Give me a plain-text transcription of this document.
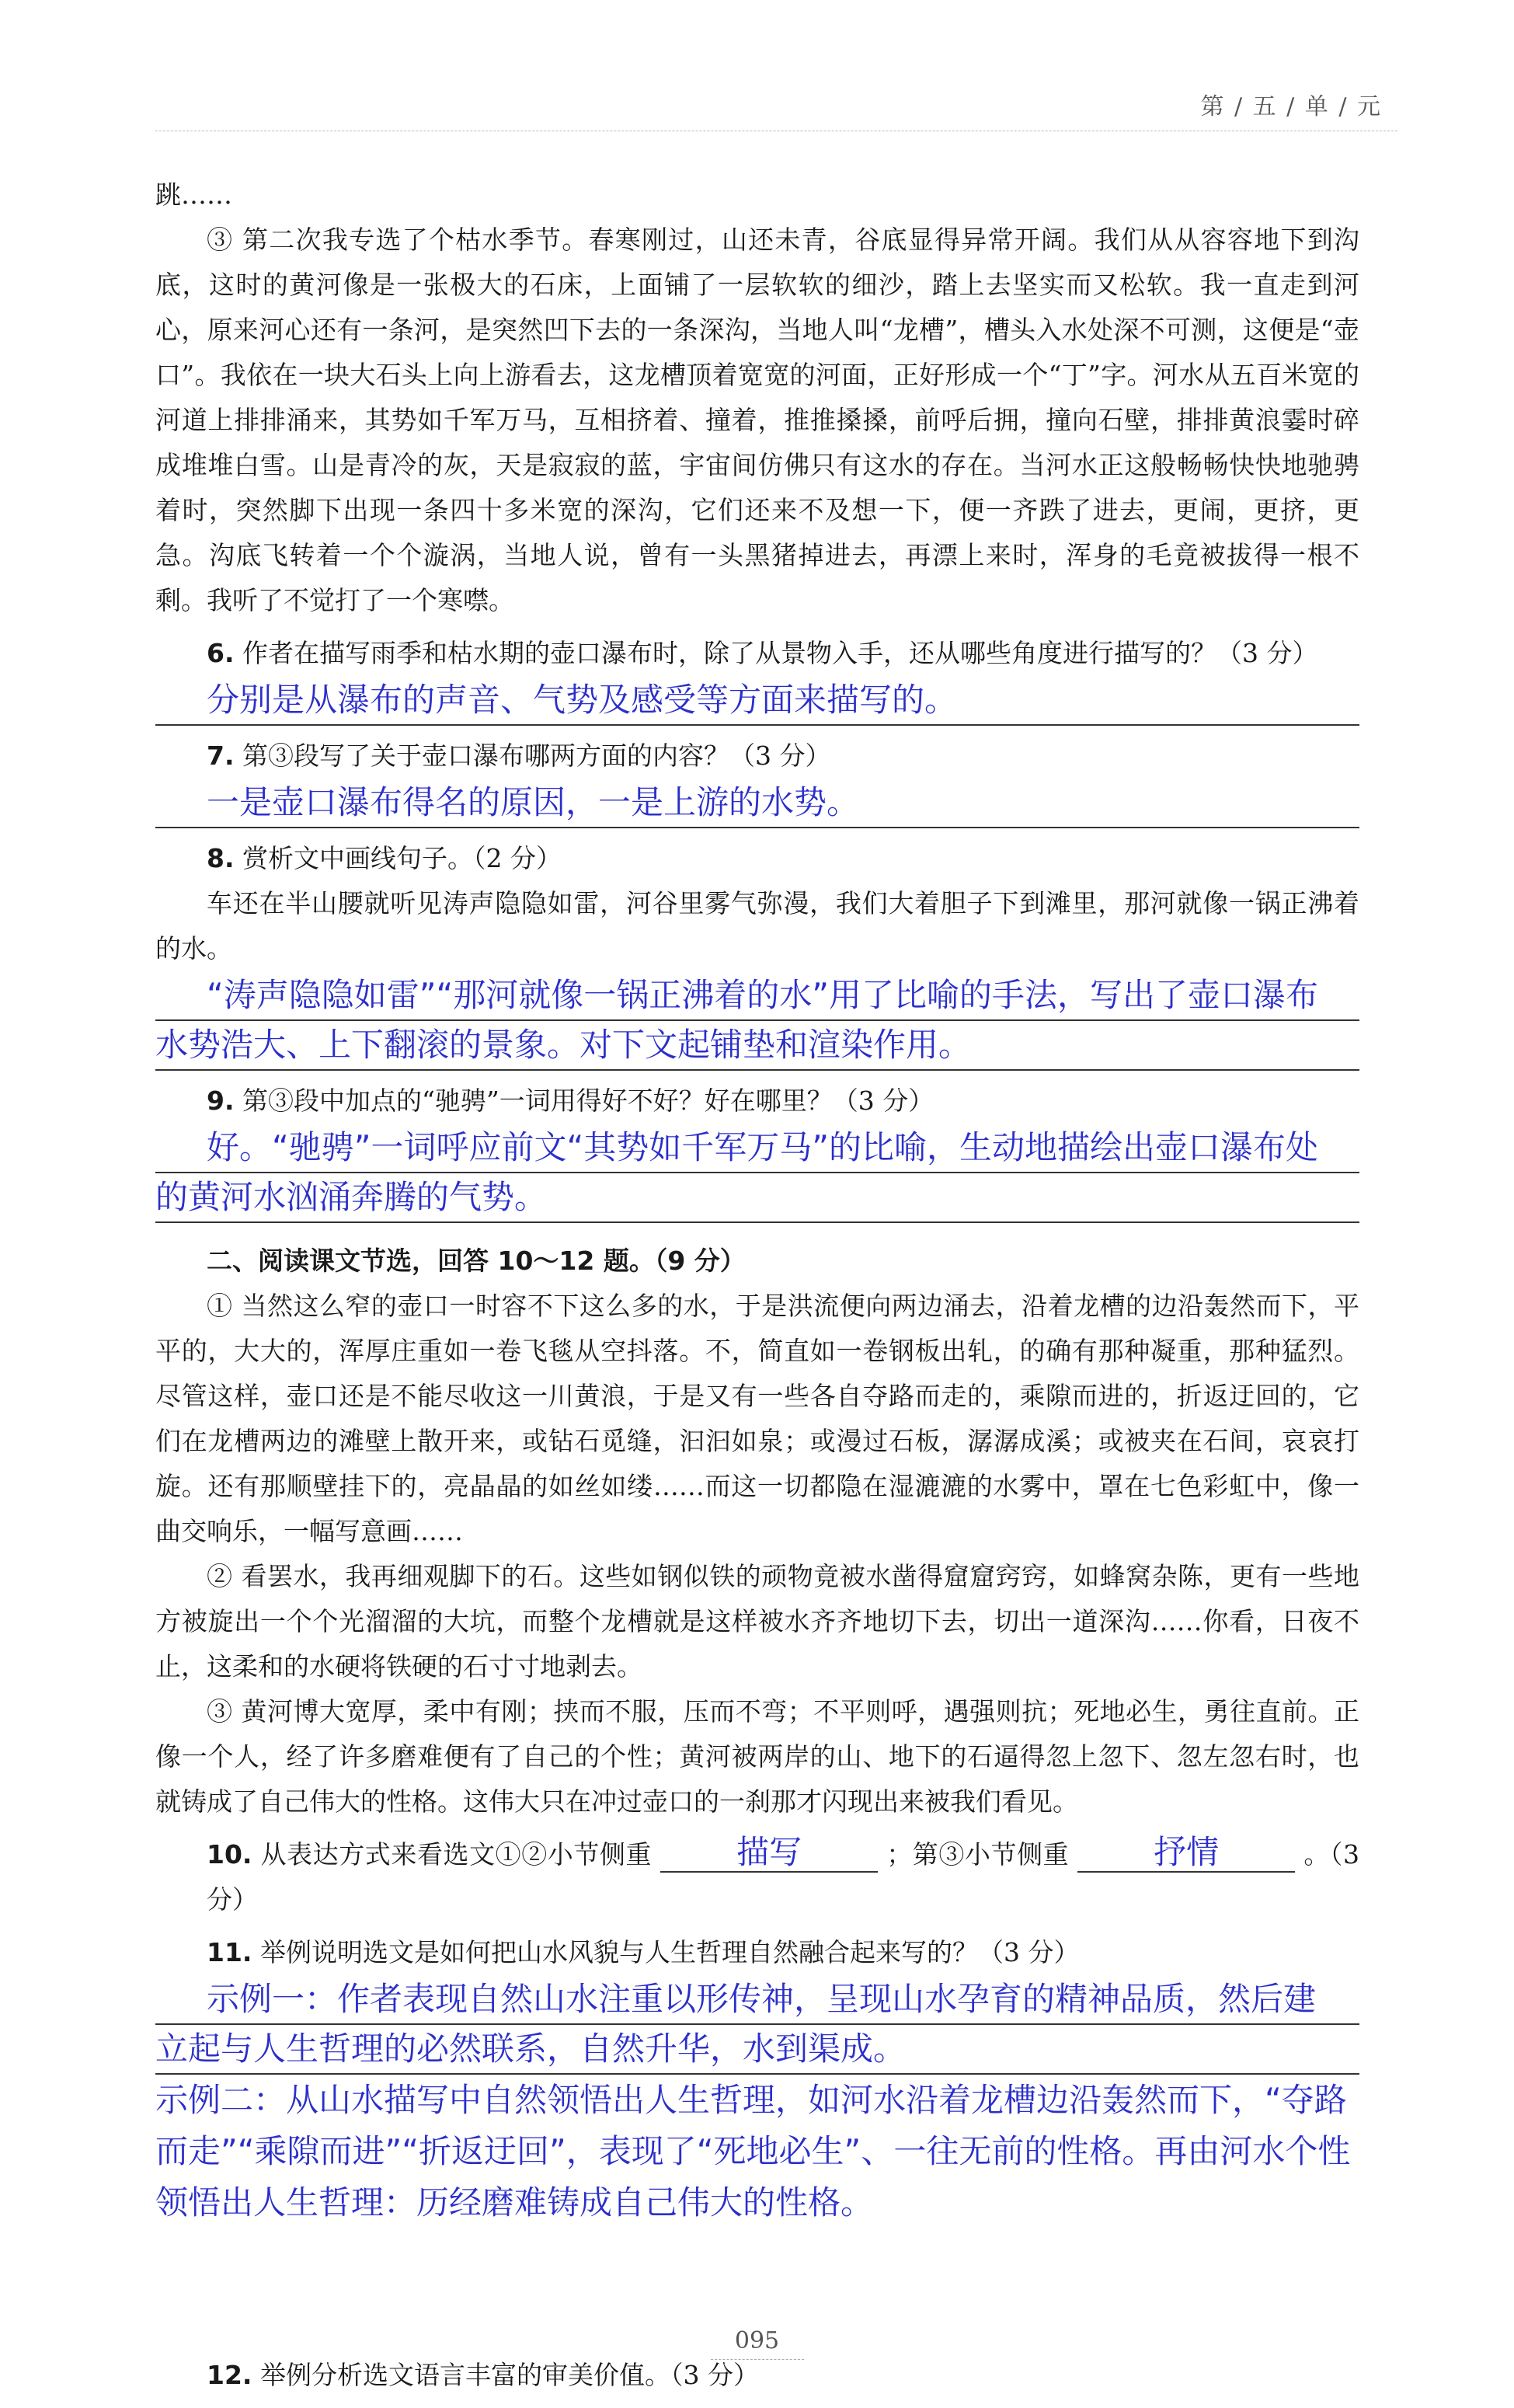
第 / 五 / 单 / 元

跳……

③ 第二次我专选了个枯水季节。春寒刚过，山还未青，谷底显得异常开阔。我们从从容容地下到沟底，这时的黄河像是一张极大的石床，上面铺了一层软软的细沙，踏上去坚实而又松软。我一直走到河心，原来河心还有一条河，是突然凹下去的一条深沟，当地人叫“龙槽”，槽头入水处深不可测，这便是“壶口”。我依在一块大石头上向上游看去，这龙槽顶着宽宽的河面，正好形成一个“丁”字。河水从五百米宽的河道上排排涌来，其势如千军万马，互相挤着、撞着，推推搡搡，前呼后拥，撞向石壁，排排黄浪霎时碎成堆堆白雪。山是青冷的灰，天是寂寂的蓝，宇宙间仿佛只有这水的存在。当河水正这般畅畅快快地驰骋着时，突然脚下出现一条四十多米宽的深沟，它们还来不及想一下，便一齐跌了进去，更闹，更挤，更急。沟底飞转着一个个漩涡，当地人说，曾有一头黑猪掉进去，再漂上来时，浑身的毛竟被拔得一根不剩。我听了不觉打了一个寒噤。

6. 作者在描写雨季和枯水期的壶口瀑布时，除了从景物入手，还从哪些角度进行描写的？（3 分）

分别是从瀑布的声音、气势及感受等方面来描写的。

7. 第③段写了关于壶口瀑布哪两方面的内容？（3 分）

一是壶口瀑布得名的原因，一是上游的水势。

8. 赏析文中画线句子。（2 分）

车还在半山腰就听见涛声隐隐如雷，河谷里雾气弥漫，我们大着胆子下到滩里，那河就像一锅正沸着的水。

“涛声隐隐如雷”“那河就像一锅正沸着的水”用了比喻的手法，写出了壶口瀑布
水势浩大、上下翻滚的景象。对下文起铺垫和渲染作用。

9. 第③段中加点的“驰骋”一词用得好不好？好在哪里？（3 分）

好。“驰骋”一词呼应前文“其势如千军万马”的比喻，生动地描绘出壶口瀑布处
的黄河水汹涌奔腾的气势。

二、阅读课文节选，回答 10～12 题。（9 分）

① 当然这么窄的壶口一时容不下这么多的水，于是洪流便向两边涌去，沿着龙槽的边沿轰然而下，平平的，大大的，浑厚庄重如一卷飞毯从空抖落。不，简直如一卷钢板出轧，的确有那种凝重，那种猛烈。尽管这样，壶口还是不能尽收这一川黄浪，于是又有一些各自夺路而走的，乘隙而进的，折返迂回的，它们在龙槽两边的滩壁上散开来，或钻石觅缝，汩汩如泉；或漫过石板，潺潺成溪；或被夹在石间，哀哀打旋。还有那顺壁挂下的，亮晶晶的如丝如缕……而这一切都隐在湿漉漉的水雾中，罩在七色彩虹中，像一曲交响乐，一幅写意画……

② 看罢水，我再细观脚下的石。这些如钢似铁的顽物竟被水凿得窟窟窍窍，如蜂窝杂陈，更有一些地方被旋出一个个光溜溜的大坑，而整个龙槽就是这样被水齐齐地切下去，切出一道深沟……你看，日夜不止，这柔和的水硬将铁硬的石寸寸地剥去。

③ 黄河博大宽厚，柔中有刚；挟而不服，压而不弯；不平则呼，遇强则抗；死地必生，勇往直前。正像一个人，经了许多磨难便有了自己的个性；黄河被两岸的山、地下的石逼得忽上忽下、忽左忽右时，也就铸成了自己伟大的性格。这伟大只在冲过壶口的一刹那才闪现出来被我们看见。

10. 从表达方式来看选文①②小节侧重	描写	；第③小节侧重	抒情	。（3 分）

11. 举例说明选文是如何把山水风貌与人生哲理自然融合起来写的？（3 分）

示例一：作者表现自然山水注重以形传神，呈现山水孕育的精神品质，然后建
立起与人生哲理的必然联系，自然升华，水到渠成。

示例二：从山水描写中自然领悟出人生哲理，如河水沿着龙槽边沿轰然而下，“夺路而走”“乘隙而进”“折返迂回”，表现了“死地必生”、一往无前的性格。再由河水个性领悟出人生哲理：历经磨难铸成自己伟大的性格。

12. 举例分析选文语言丰富的审美价值。（3 分）

095
